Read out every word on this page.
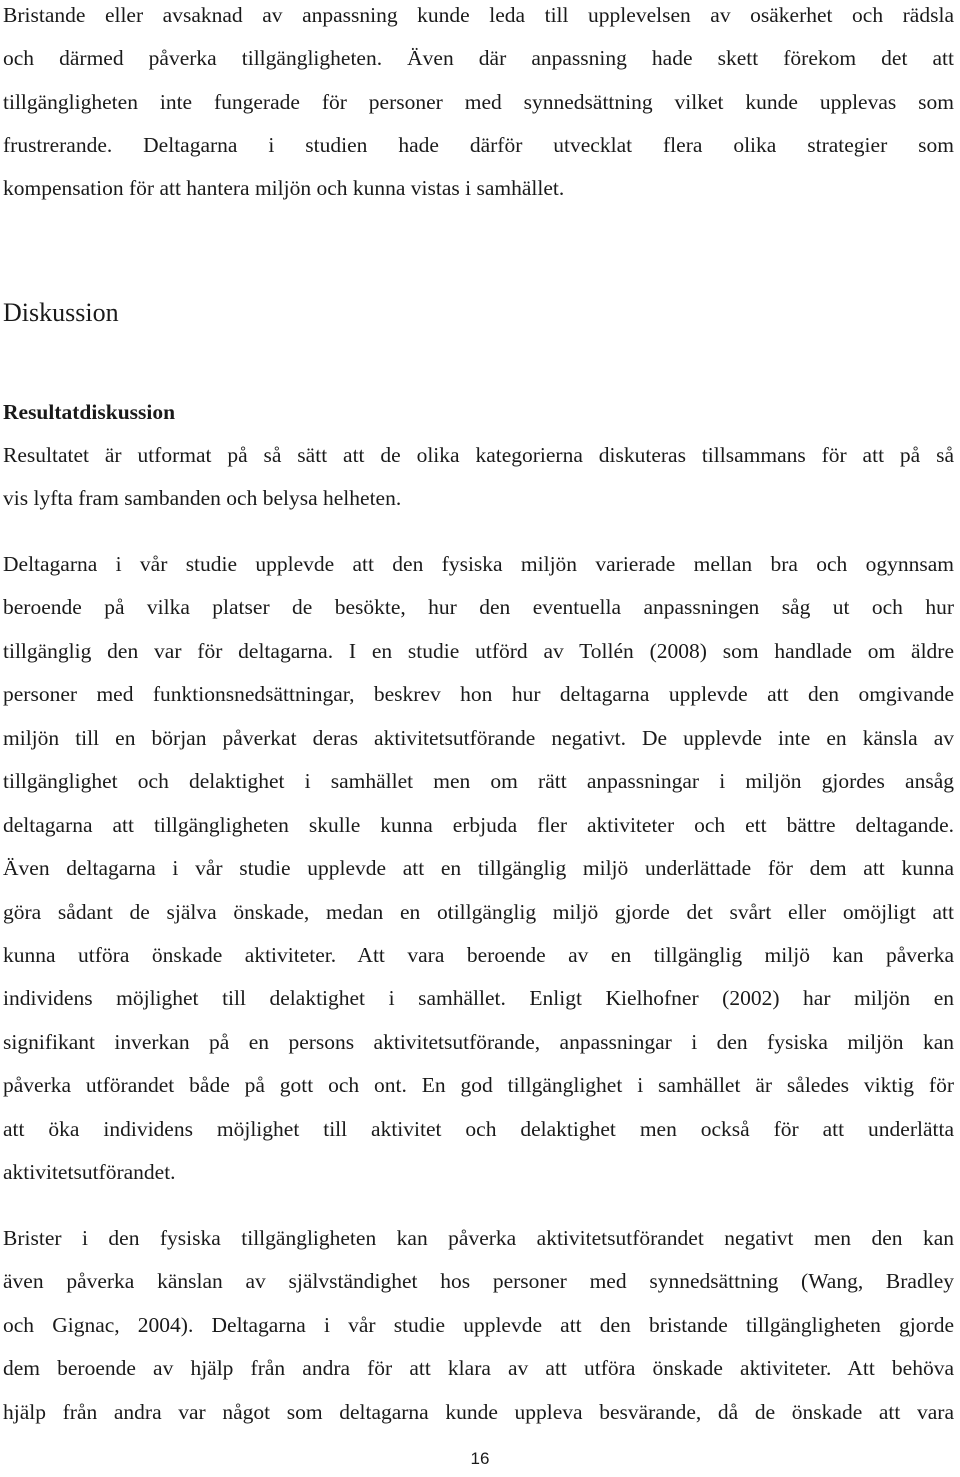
Bristande eller avsaknad av anpassning kunde leda till upplevelsen av osäkerhet och rädsla
och därmed påverka tillgängligheten. Även där anpassning hade skett förekom det att
tillgängligheten inte fungerade för personer med synnedsättning vilket kunde upplevas som
frustrerande. Deltagarna i studien hade därför utvecklat flera olika strategier som
kompensation för att hantera miljön och kunna vistas i samhället.
Diskussion
Resultatdiskussion
Resultatet är utformat på så sätt att de olika kategorierna diskuteras tillsammans för att på så
vis lyfta fram sambanden och belysa helheten.
Deltagarna i vår studie upplevde att den fysiska miljön varierade mellan bra och ogynnsam
beroende på vilka platser de besökte, hur den eventuella anpassningen såg ut och hur
tillgänglig den var för deltagarna. I en studie utförd av Tollén (2008) som handlade om äldre
personer med funktionsnedsättningar, beskrev hon hur deltagarna upplevde att den omgivande
miljön till en början påverkat deras aktivitetsutförande negativt. De upplevde inte en känsla av
tillgänglighet och delaktighet i samhället men om rätt anpassningar i miljön gjordes ansåg
deltagarna att tillgängligheten skulle kunna erbjuda fler aktiviteter och ett bättre deltagande.
Även deltagarna i vår studie upplevde att en tillgänglig miljö underlättade för dem att kunna
göra sådant de själva önskade, medan en otillgänglig miljö gjorde det svårt eller omöjligt att
kunna utföra önskade aktiviteter. Att vara beroende av en tillgänglig miljö kan påverka
individens möjlighet till delaktighet i samhället. Enligt Kielhofner (2002) har miljön en
signifikant inverkan på en persons aktivitetsutförande, anpassningar i den fysiska miljön kan
påverka utförandet både på gott och ont. En god tillgänglighet i samhället är således viktig för
att öka individens möjlighet till aktivitet och delaktighet men också för att underlätta
aktivitetsutförandet.
Brister i den fysiska tillgängligheten kan påverka aktivitetsutförandet negativt men den kan
även påverka känslan av självständighet hos personer med synnedsättning (Wang, Bradley
och Gignac, 2004). Deltagarna i vår studie upplevde att den bristande tillgängligheten gjorde
dem beroende av hjälp från andra för att klara av att utföra önskade aktiviteter. Att behöva
hjälp från andra var något som deltagarna kunde uppleva besvärande, då de önskade att vara
16
